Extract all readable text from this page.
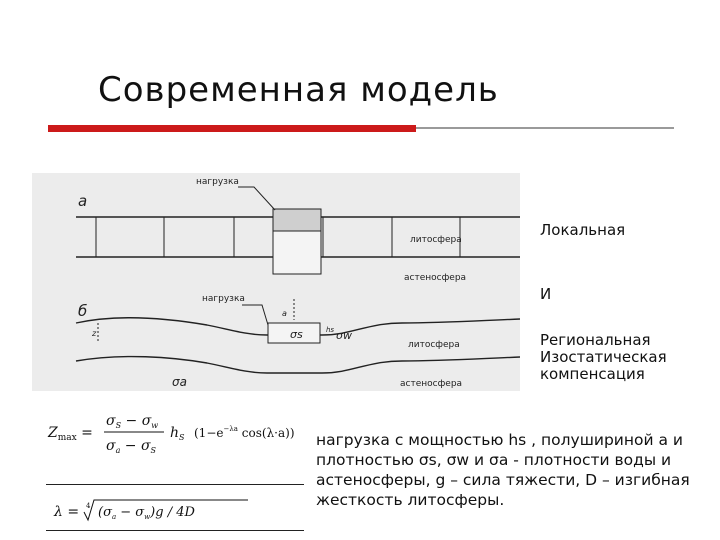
Современная модель
а
нагрузка
литосфера
астеносфера
б
нагрузка
a
σs	hs σw
z
литосфера
σa	астеносфера
Локальная
И
Региональная
Изостатическая
компенсация
$Z_{max}$ =
$\sigma_S - \sigma_w$
$\sigma_a - \sigma_S$
$h_S$ ($1-e^{-\lambda a}$ cos(λ·a))
λ = 4 $(\sigma_a - \sigma_w)g / 4D$
нагрузка с мощностью hs , полушириной a и плотностью σs, σw и σa - плотности воды и астеносферы, g – сила тяжести, D – изгибная жесткость литосферы.
